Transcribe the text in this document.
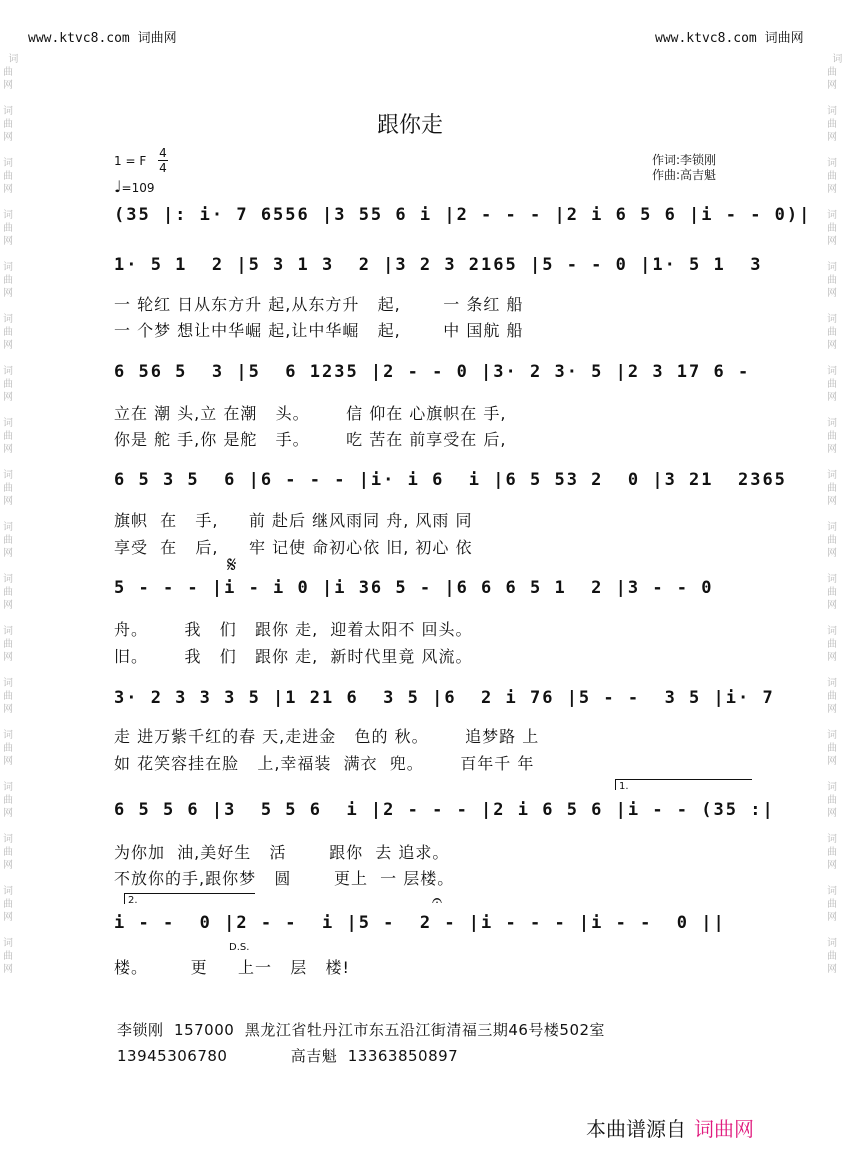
www.ktvc8.com 词曲网	www.ktvc8.com 词曲网

词
曲
网

词
曲
网

词
曲
网

词
曲
网

词
曲
网

词
曲
网

词
曲
网

词
曲
网

词
曲
网

词
曲
网

词
曲
网

词
曲
网

词
曲
网

词
曲
网

词
曲
网

词
曲
网

词
曲
网

词
曲
网

词
曲
网

词
曲
网

词
曲
网

词
曲
网

词
曲
网

词
曲
网

词
曲
网

词
曲
网

词
曲
网

词
曲
网

词
曲
网

词
曲
网

词
曲
网

词
曲
网

词
曲
网

词
曲
网

词
曲
网

词
曲
网

跟你走
1 = F
4
4
♩=109
作词:李锁刚
作曲:高吉魁
(35 |: i· 7 6556 |3 55 6 i |2 - - - |2 i 6 5 6 |i - - 0)|
1· 5 1  2 |5 3 1 3  2 |3 2 3 2165 |5 - - 0 |1· 5 1  3
一 轮红 日从东方升 起,从东方升   起,       一 条红 船
一 个梦 想让中华崛 起,让中华崛   起,       中 国航 船
6 56 5  3 |5  6 1235 |2 - - 0 |3· 2 3· 5 |2 3 17 6 -
立在 潮 头,立 在潮   头。      信 仰在 心旗帜在 手,
你是 舵 手,你 是舵   手。      吃 苦在 前享受在 后,
6 5 3 5  6 |6 - - - |i· i 6  i |6 5 53 2  0 |3 21  2365
旗帜  在   手,     前 赴后 继风雨同 舟, 风雨 同
享受  在   后,     牢 记使 命初心依 旧, 初心 依
𝄋
5 - - - |i - i 0 |i 36 5 - |6 6 6 5 1  2 |3 - - 0
舟。      我   们   跟你 走,  迎着太阳不 回头。
旧。      我   们   跟你 走,  新时代里竟 风流。
3· 2 3 3 3 5 |1 21 6  3 5 |6  2 i 76 |5 - -  3 5 |i· 7
走 进万紫千红的春 天,走进金   色的 秋。      追梦路 上
如 花笑容挂在脸   上,幸福装  满衣  兜。      百年千 年
1.
6 5 5 6 |3  5 5 6  i |2 - - - |2 i 6 5 6 |i - - (35 :|
为你加  油,美好生   活       跟你  去 追求。
不放你的手,跟你梦   圆       更上  一 层楼。
2.	𝄐
i - -  0 |2 - -  i |5 -  2 - |i - - - |i - -  0 ||
D.S.
楼。       更     上一   层   楼!
李锁刚  157000  黑龙江省牡丹江市东五沿江街清福三期46号楼502室
13945306780            高吉魁  13363850897
本曲谱源自 词曲网
